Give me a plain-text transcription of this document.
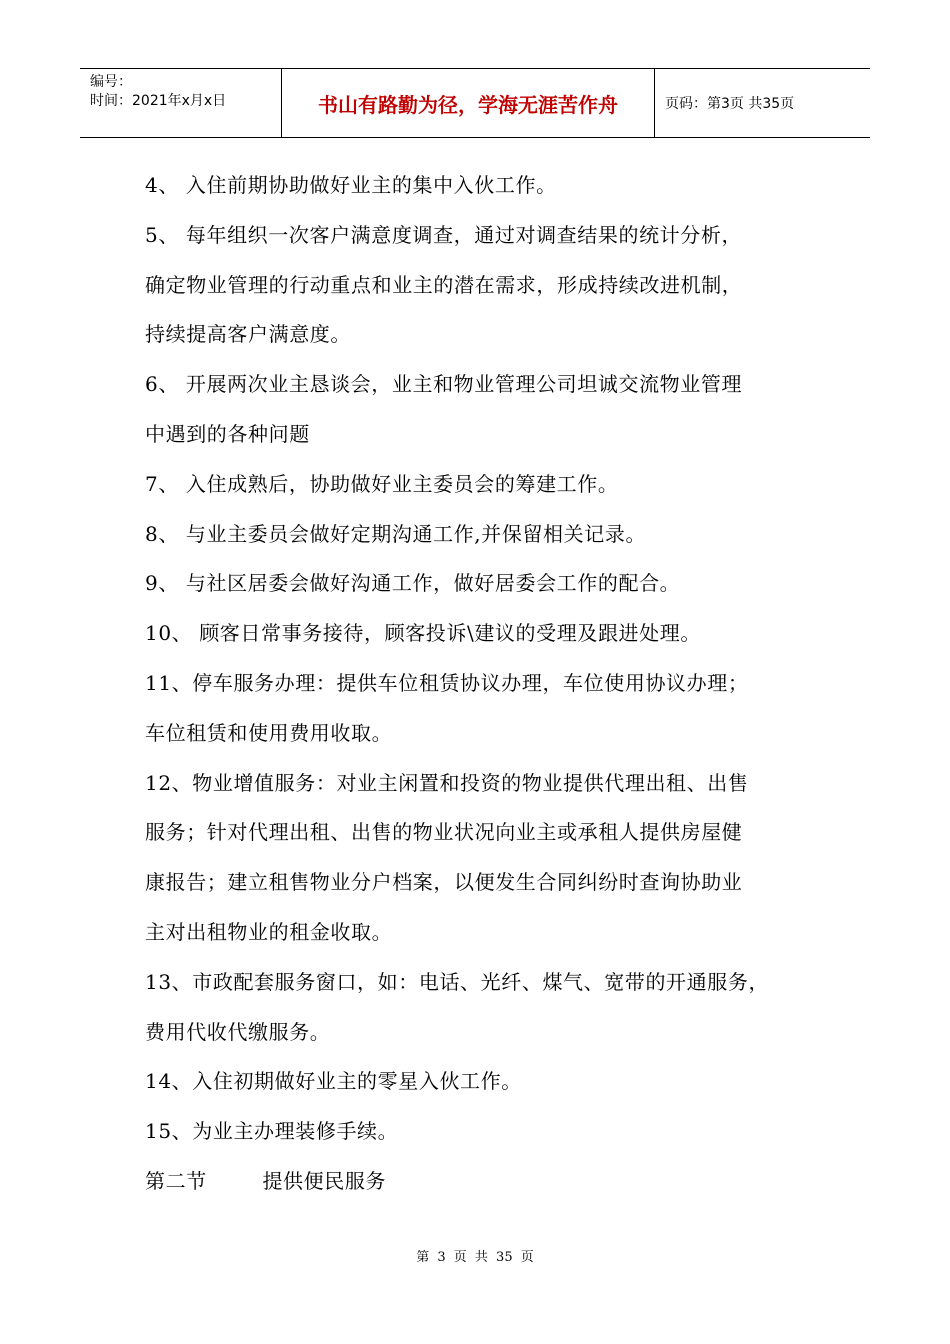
编号：
时间：2021年x月x日	书山有路勤为径，学海无涯苦作舟	页码：第3页 共35页
4、 入住前期协助做好业主的集中入伙工作。
5、 每年组织一次客户满意度调查，通过对调查结果的统计分析，
确定物业管理的行动重点和业主的潜在需求，形成持续改进机制，
持续提高客户满意度。
6、 开展两次业主恳谈会，业主和物业管理公司坦诚交流物业管理
中遇到的各种问题
7、 入住成熟后，协助做好业主委员会的筹建工作。
8、 与业主委员会做好定期沟通工作,并保留相关记录。
9、 与社区居委会做好沟通工作，做好居委会工作的配合。
10、 顾客日常事务接待，顾客投诉\建议的受理及跟进处理。
11、停车服务办理：提供车位租赁协议办理，车位使用协议办理；
车位租赁和使用费用收取。
12、物业增值服务：对业主闲置和投资的物业提供代理出租、出售
服务；针对代理出租、出售的物业状况向业主或承租人提供房屋健
康报告；建立租售物业分户档案，以便发生合同纠纷时查询协助业
主对出租物业的租金收取。
13、市政配套服务窗口，如：电话、光纤、煤气、宽带的开通服务，
费用代收代缴服务。
14、入住初期做好业主的零星入伙工作。
15、为业主办理装修手续。
第二节        提供便民服务
第 3 页 共 35 页
